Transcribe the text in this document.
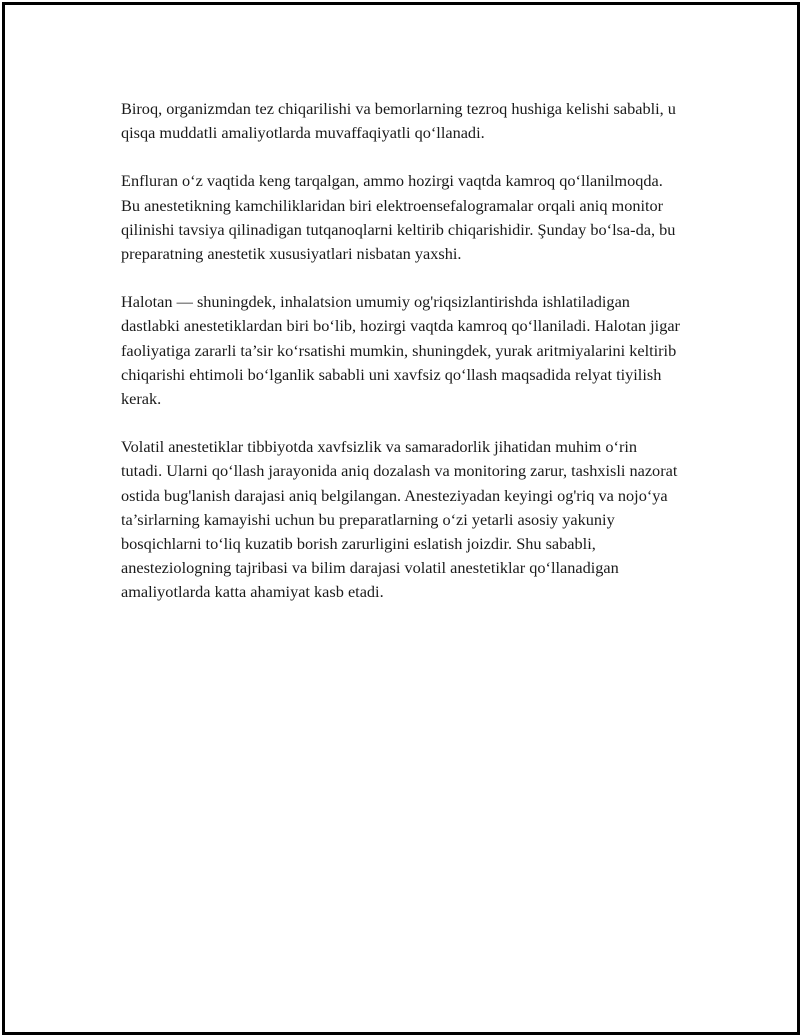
Biroq, organizmdan tez chiqarilishi va bemorlarning tezroq hushiga kelishi sababli, u qisqa muddatli amaliyotlarda muvaffaqiyatli qo‘llanadi.

Enfluran o‘z vaqtida keng tarqalgan, ammo hozirgi vaqtda kamroq qo‘llanilmoqda. Bu anestetikning kamchiliklaridan biri elektroensefalogramalar orqali aniq monitor qilinishi tavsiya qilinadigan tutqanoqlarni keltirib chiqarishidir. Şunday bo‘lsa-da, bu preparatning anestetik xususiyatlari nisbatan yaxshi.

Halotan — shuningdek, inhalatsion umumiy og'riqsizlantirishda ishlatiladigan dastlabki anestetiklardan biri bo‘lib, hozirgi vaqtda kamroq qo‘llaniladi. Halotan jigar faoliyatiga zararli ta’sir ko‘rsatishi mumkin, shuningdek, yurak aritmiyalarini keltirib chiqarishi ehtimoli bo‘lganlik sababli uni xavfsiz qo‘llash maqsadida relyat tiyilish kerak.

Volatil anestetiklar tibbiyotda xavfsizlik va samaradorlik jihatidan muhim o‘rin tutadi. Ularni qo‘llash jarayonida aniq dozalash va monitoring zarur, tashxisli nazorat ostida bug'lanish darajasi aniq belgilangan. Anesteziyadan keyingi og'riq va nojo‘ya ta’sirlarning kamayishi uchun bu preparatlarning o‘zi yetarli asosiy yakuniy bosqichlarni to‘liq kuzatib borish zarurligini eslatish joizdir. Shu sababli, anesteziologning tajribasi va bilim darajasi volatil anestetiklar qo‘llanadigan amaliyotlarda katta ahamiyat kasb etadi.
